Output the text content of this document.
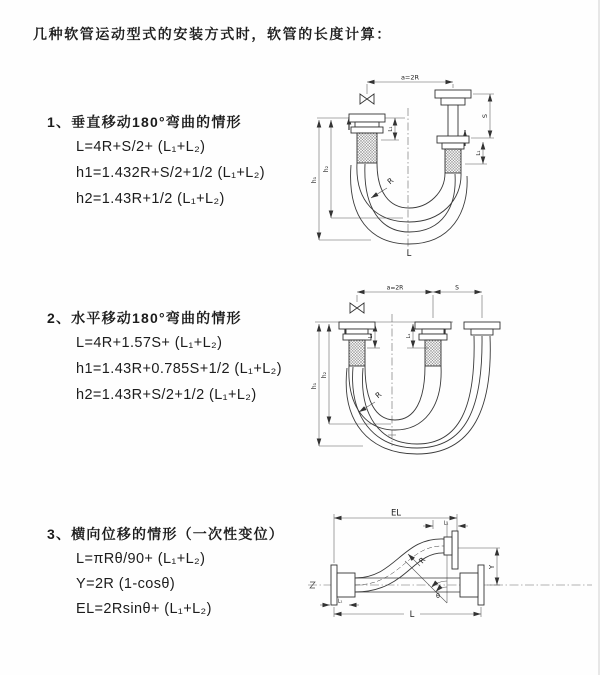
几种软管运动型式的安装方式时，软管的长度计算：
1、垂直移动180°弯曲的情形
L=4R+S/2+ (L₁+L₂)
h1=1.432R+S/2+1/2 (L₁+L₂)
h2=1.43R+1/2 (L₁+L₂)
2、水平移动180°弯曲的情形
L=4R+1.57S+ (L₁+L₂)
h1=1.43R+0.785S+1/2 (L₁+L₂)
h2=1.43R+S/2+1/2 (L₁+L₂)
3、横向位移的情形（一次性变位）
L=πRθ/90+ (L₁+L₂)
Y=2R (1-cosθ)
EL=2Rsinθ+ (L₁+L₂)
a=2R
S
L₁
L₁
h₁
h₂
R
L
a=2R	S
L₁	L₁
h₁
h₂
R
EL
L₁
Y
L
L₁
R
θ
